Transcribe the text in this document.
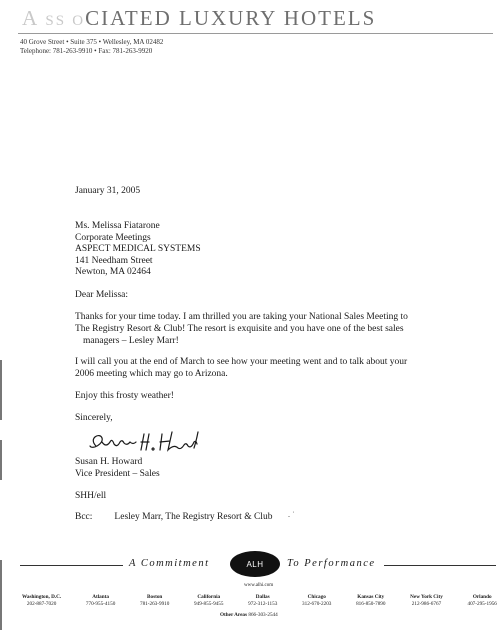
A ss oCIATED LUXURY HOTELS
40 Grove Street • Suite 375 • Wellesley, MA 02482
Telephone: 781-263-9910 • Fax: 781-263-9920
January 31, 2005
Ms. Melissa Fiatarone
Corporate Meetings
ASPECT MEDICAL SYSTEMS
141 Needham Street
Newton, MA 02464
Dear Melissa:
Thanks for your time today. I am thrilled you are taking your National Sales Meeting to
The Registry Resort & Club! The resort is exquisite and you have one of the best sales
managers – Lesley Marr!
I will call you at the end of March to see how your meeting went and to talk about your
2006 meeting which may go to Arizona.
Enjoy this frosty weather!
Sincerely,
Susan H. Howard
Vice President – Sales
SHH/ell
Bcc: Lesley Marr, The Registry Resort & Club . ˙
A Commitment	ALH	To Performance
www.alhi.com
Washington, D.C.
202-887-7020
Atlanta
770-955-4150
Boston
781-263-9910
California
949-855-9455
Dallas
972-312-1153
Chicago
312-670-2203
Kansas City
816-850-7890
New York City
212-986-6767
Orlando
407-295-1956
Other Areas 866-303-2544
